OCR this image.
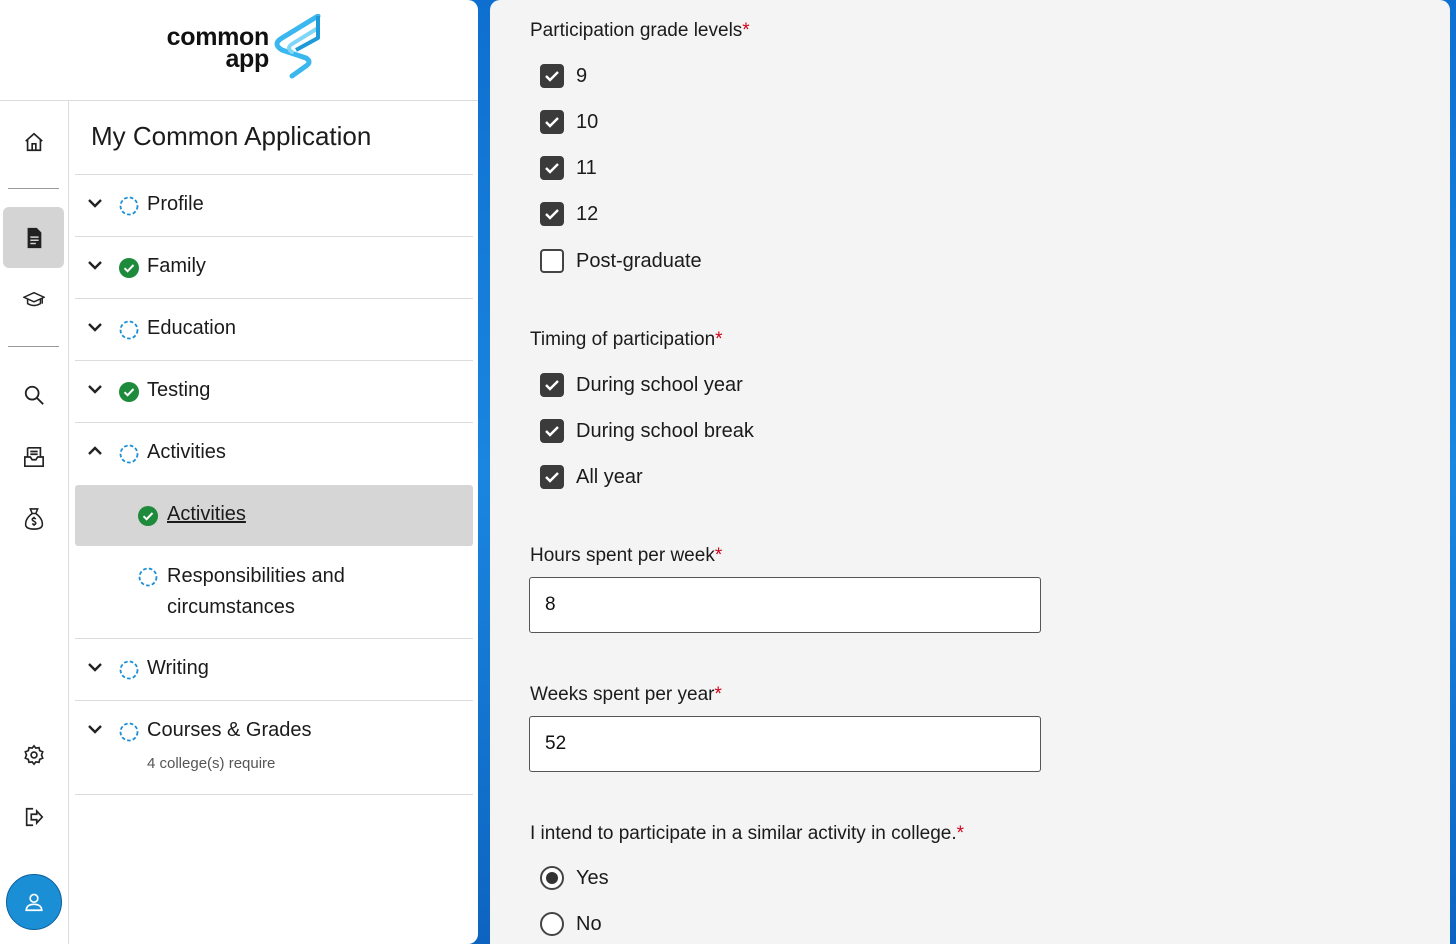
common
app
My Common Application
Profile
Family
Education
Testing
Activities
Activities
Responsibilities and
circumstances
Writing
Courses & Grades
4 college(s) require
Participation grade levels*
9
10
11
12
Post-graduate
Timing of participation*
During school year
During school break
All year
Hours spent per week*
8
Weeks spent per year*
52
I intend to participate in a similar activity in college.*
Yes
No
